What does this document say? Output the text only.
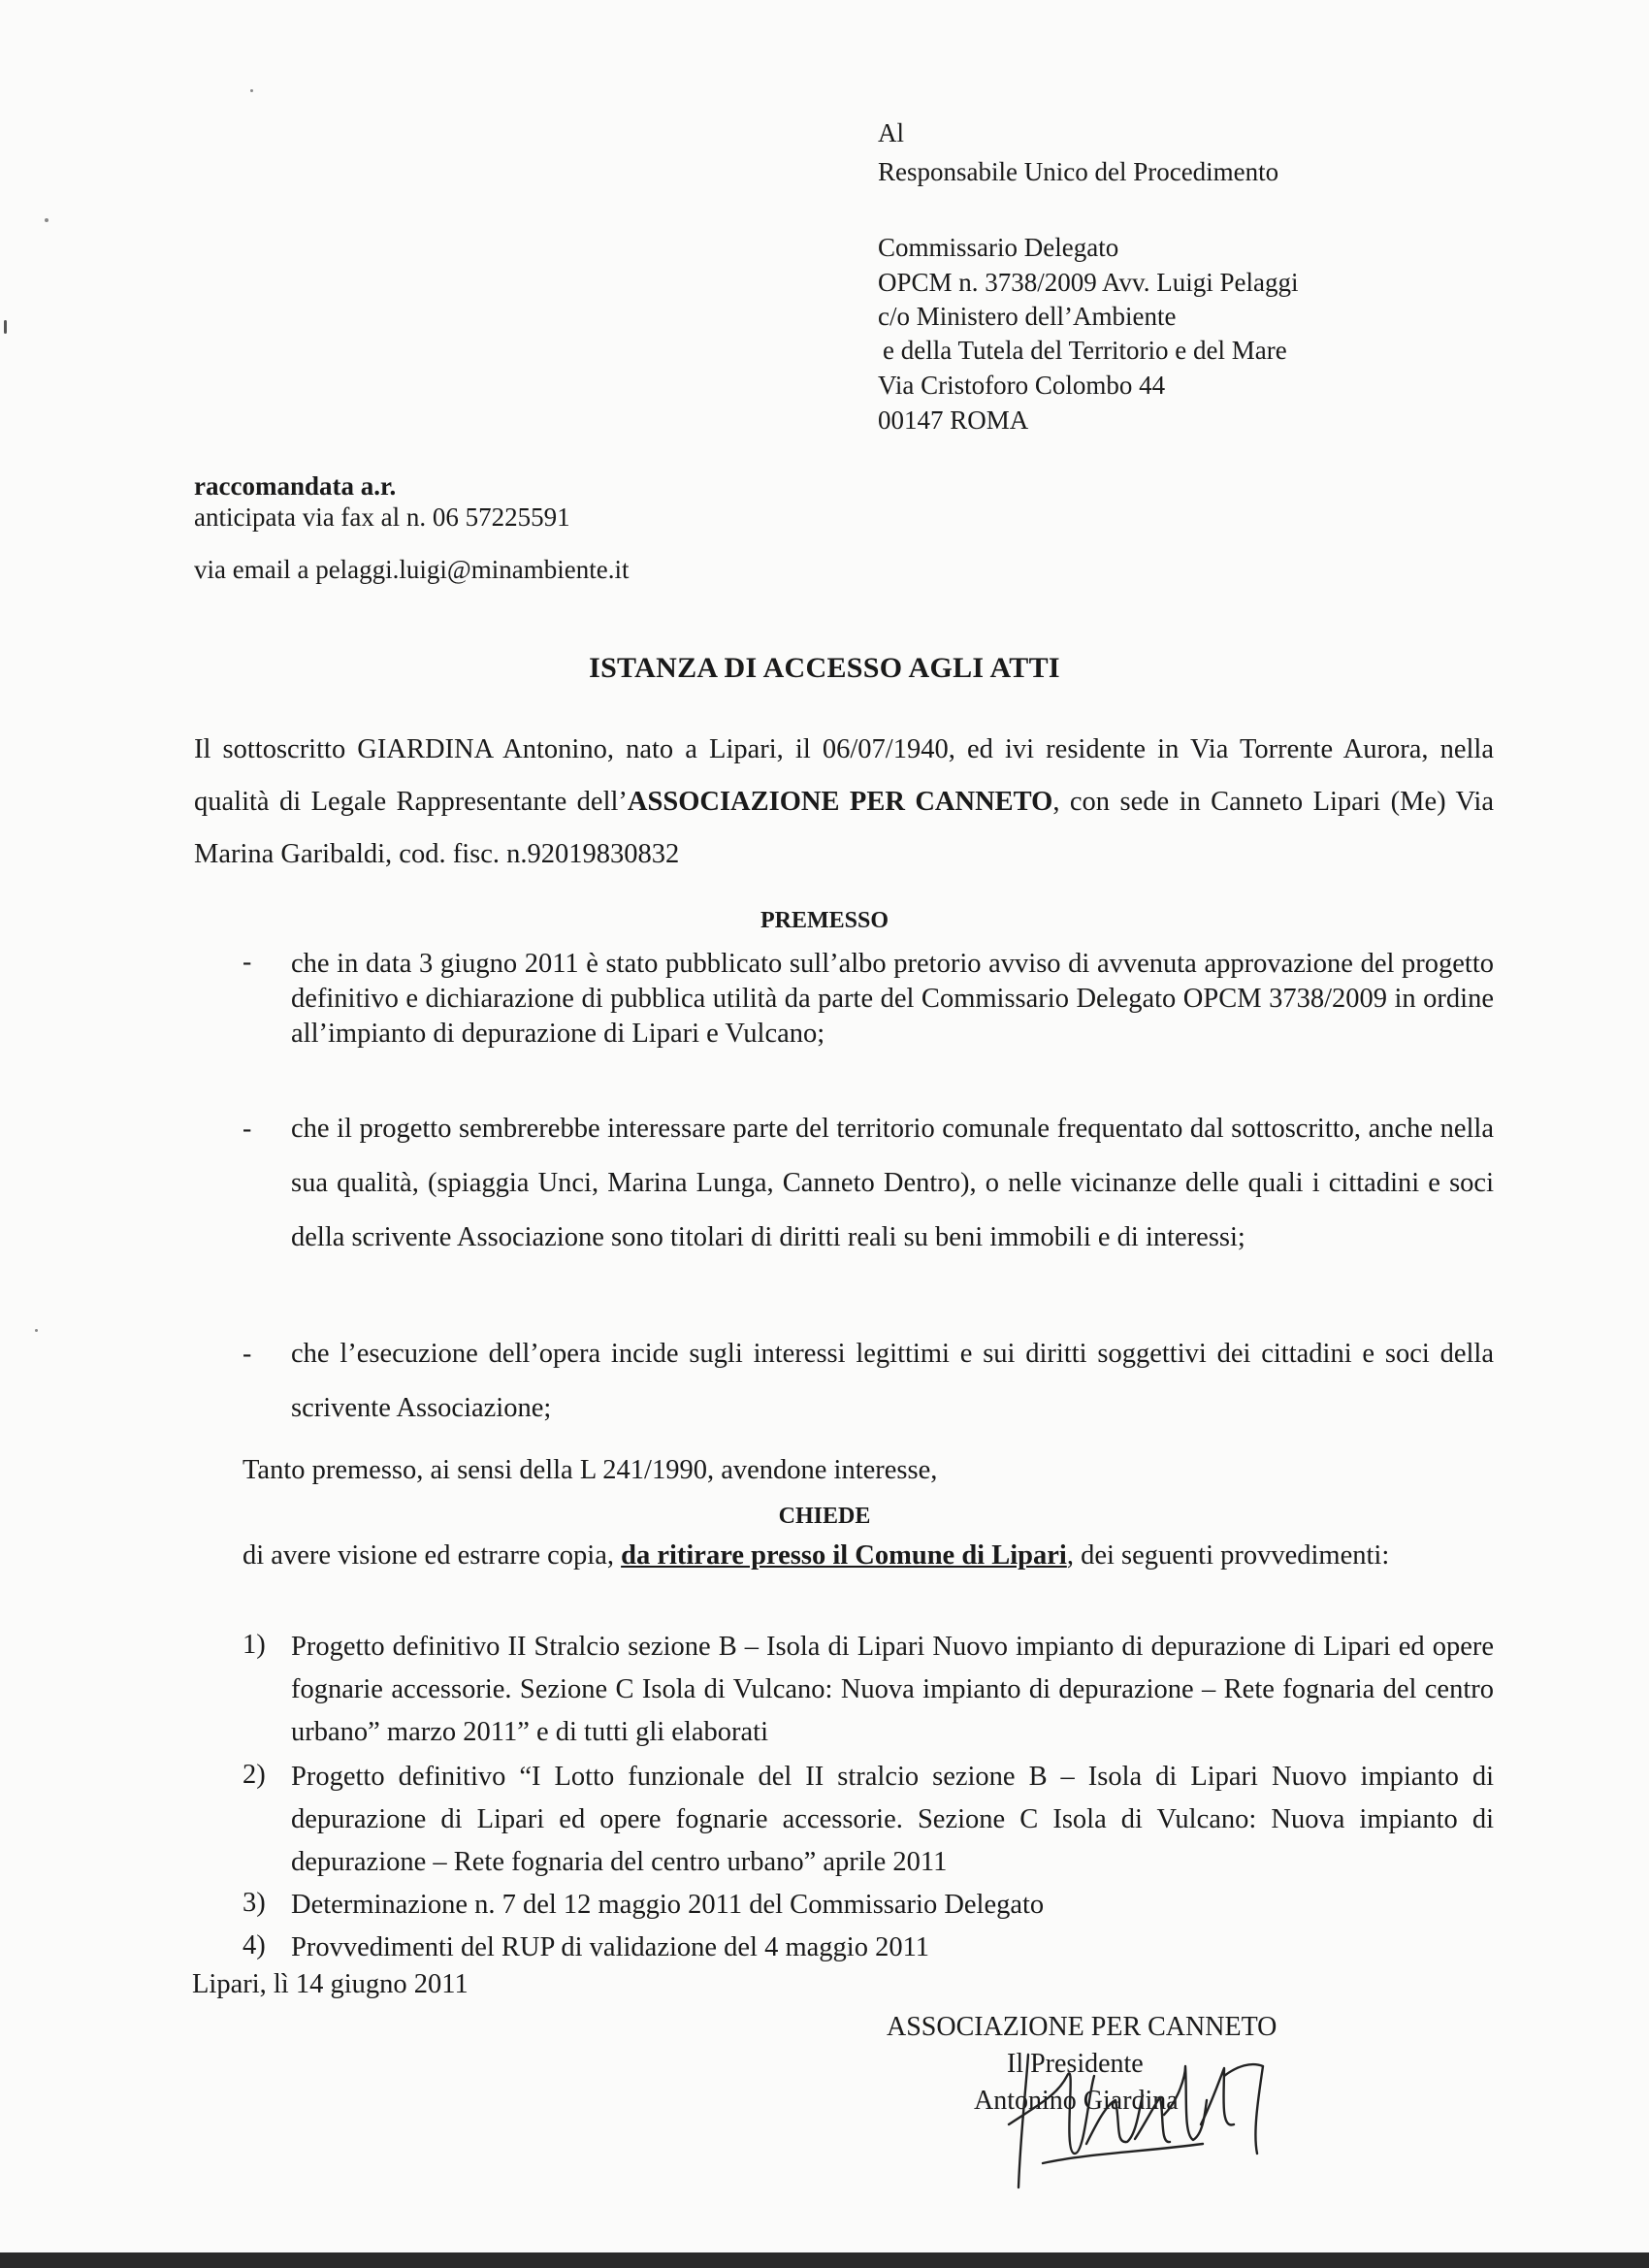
Al
Responsabile Unico del Procedimento
Commissario Delegato
OPCM n. 3738/2009 Avv. Luigi Pelaggi
c/o Ministero dell’Ambiente
e della Tutela del Territorio e del Mare
Via Cristoforo Colombo 44
00147 ROMA
raccomandata a.r.
anticipata via fax al n. 06 57225591
via email a pelaggi.luigi@minambiente.it
ISTANZA DI ACCESSO AGLI ATTI
Il sottoscritto GIARDINA Antonino, nato a Lipari, il 06/07/1940, ed ivi residente in Via Torrente Aurora, nella qualità di Legale Rappresentante dell’ASSOCIAZIONE PER CANNETO, con sede in Canneto Lipari (Me) Via Marina Garibaldi, cod. fisc. n.92019830832
PREMESSO
- che in data 3 giugno 2011 è stato pubblicato sull’albo pretorio avviso di avvenuta approvazione del progetto definitivo e dichiarazione di pubblica utilità da parte del Commissario Delegato OPCM 3738/2009 in ordine all’impianto di depurazione di Lipari e Vulcano;
- che il progetto sembrerebbe interessare parte del territorio comunale frequentato dal sottoscritto, anche nella sua qualità, (spiaggia Unci, Marina Lunga, Canneto Dentro), o nelle vicinanze delle quali i cittadini e soci della scrivente Associazione sono titolari di diritti reali su beni immobili e di interessi;
- che l’esecuzione dell’opera incide sugli interessi legittimi e sui diritti soggettivi dei cittadini e soci della scrivente Associazione;
Tanto premesso, ai sensi della L 241/1990, avendone interesse,
CHIEDE
di avere visione ed estrarre copia, da ritirare presso il Comune di Lipari, dei seguenti provvedimenti:
1) Progetto definitivo II Stralcio sezione B – Isola di Lipari Nuovo impianto di depurazione di Lipari ed opere fognarie accessorie. Sezione C Isola di Vulcano: Nuova impianto di depurazione – Rete fognaria del centro urbano” marzo 2011” e di tutti gli elaborati
2) Progetto definitivo “I Lotto funzionale del II stralcio sezione B – Isola di Lipari Nuovo impianto di depurazione di Lipari ed opere fognarie accessorie. Sezione C Isola di Vulcano: Nuova impianto di depurazione – Rete fognaria del centro urbano” aprile 2011
3) Determinazione n. 7 del 12 maggio 2011 del Commissario Delegato
4) Provvedimenti del RUP di validazione del 4 maggio 2011
Lipari, lì 14 giugno 2011
ASSOCIAZIONE PER CANNETO
Il Presidente
Antonino Giardina
